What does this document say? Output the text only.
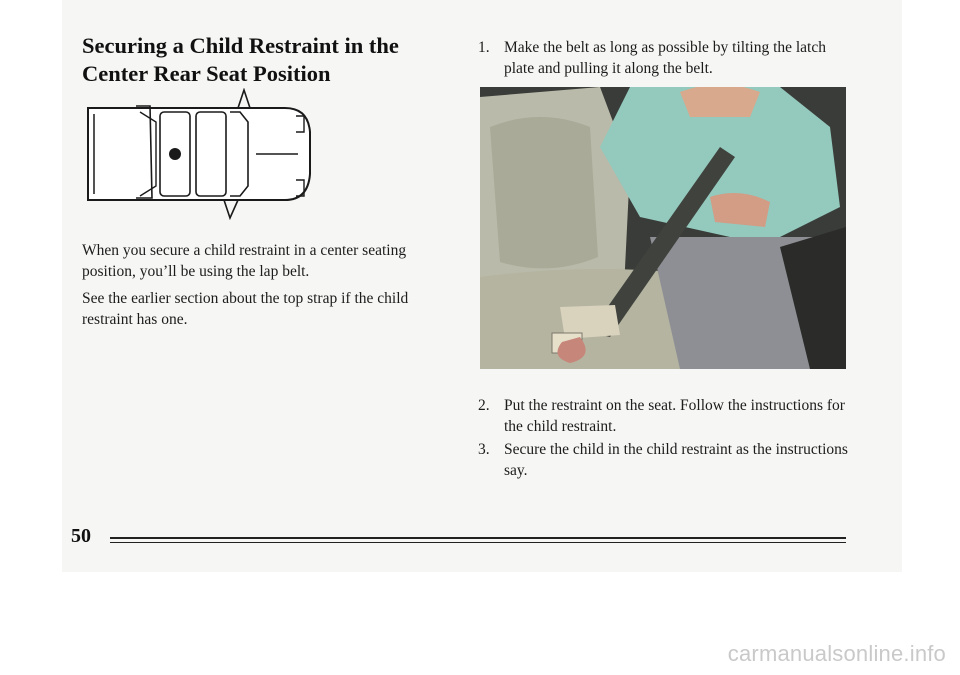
Securing a Child Restraint in the Center Rear Seat Position

When you secure a child restraint in a center seating position, you’ll be using the lap belt.

See the earlier section about the top strap if the child restraint has one.

1. Make the belt as long as possible by tilting the latch plate and pulling it along the belt.
2. Put the restraint on the seat. Follow the instructions for the child restraint.
3. Secure the child in the child restraint as the instructions say.

50

carmanualsonline.info
